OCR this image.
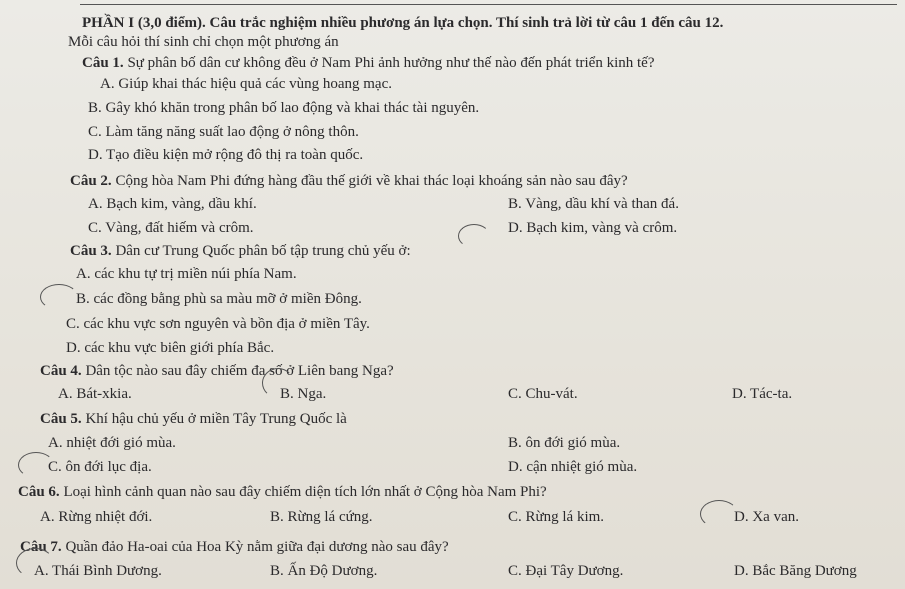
PHẦN I (3,0 điểm). Câu trắc nghiệm nhiều phương án lựa chọn. Thí sinh trả lời từ câu 1 đến câu 12.
Mỗi câu hỏi thí sinh chỉ chọn một phương án
Câu 1. Sự phân bố dân cư không đều ở Nam Phi ảnh hưởng như thế nào đến phát triển kinh tế?
A. Giúp khai thác hiệu quả các vùng hoang mạc.
B. Gây khó khăn trong phân bố lao động và khai thác tài nguyên.
C. Làm tăng năng suất lao động ở nông thôn.
D. Tạo điều kiện mở rộng đô thị ra toàn quốc.
Câu 2. Cộng hòa Nam Phi đứng hàng đầu thế giới về khai thác loại khoáng sản nào sau đây?
A. Bạch kim, vàng, dầu khí.	B. Vàng, dầu khí và than đá.
C. Vàng, đất hiếm và crôm.	D. Bạch kim, vàng và crôm.
Câu 3. Dân cư Trung Quốc phân bố tập trung chủ yếu ở:
A. các khu tự trị miền núi phía Nam.
B. các đồng bằng phù sa màu mỡ ở miền Đông.
C. các khu vực sơn nguyên và bồn địa ở miền Tây.
D. các khu vực biên giới phía Bắc.
Câu 4. Dân tộc nào sau đây chiếm đa số ở Liên bang Nga?
A. Bát-xkia.	B. Nga.	C. Chu-vát.	D. Tác-ta.
Câu 5. Khí hậu chủ yếu ở miền Tây Trung Quốc là
A. nhiệt đới gió mùa.	B. ôn đới gió mùa.
C. ôn đới lục địa.	D. cận nhiệt gió mùa.
Câu 6. Loại hình cảnh quan nào sau đây chiếm diện tích lớn nhất ở Cộng hòa Nam Phi?
A. Rừng nhiệt đới.	B. Rừng lá cứng.	C. Rừng lá kim.	D. Xa van.
Câu 7. Quần đảo Ha-oai của Hoa Kỳ nằm giữa đại dương nào sau đây?
A. Thái Bình Dương.	B. Ấn Độ Dương.	C. Đại Tây Dương.	D. Bắc Băng Dương
